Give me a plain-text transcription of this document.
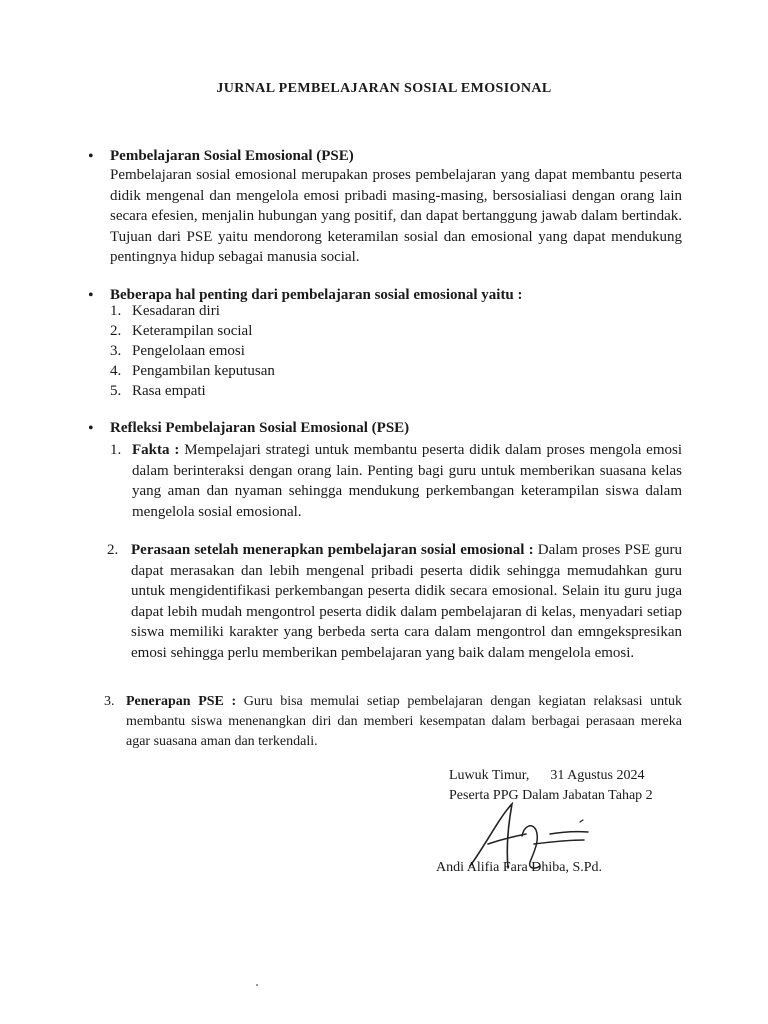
JURNAL PEMBELAJARAN SOSIAL EMOSIONAL
• Pembelajaran Sosial Emosional (PSE)

Pembelajaran sosial emosional merupakan proses pembelajaran yang dapat membantu peserta didik mengenal dan mengelola emosi pribadi masing-masing, bersosialiasi dengan orang lain secara efesien, menjalin hubungan yang positif, dan dapat bertanggung jawab dalam bertindak. Tujuan dari PSE yaitu mendorong keteramilan sosial dan emosional yang dapat mendukung pentingnya hidup sebagai manusia social.

• Beberapa hal penting dari pembelajaran sosial emosional yaitu :
1. Kesadaran diri
2. Keterampilan social
3. Pengelolaan emosi
4. Pengambilan keputusan
5. Rasa empati
• Refleksi Pembelajaran Sosial Emosional (PSE)
1. Fakta : Mempelajari strategi untuk membantu peserta didik dalam proses mengola emosi dalam berinteraksi dengan orang lain. Penting bagi guru untuk memberikan suasana kelas yang aman dan nyaman sehingga mendukung perkembangan keterampilan siswa dalam mengelola sosial emosional.

2. Perasaan setelah menerapkan pembelajaran sosial emosional : Dalam proses PSE guru dapat merasakan dan lebih mengenal pribadi peserta didik sehingga memudahkan guru untuk mengidentifikasi perkembangan peserta didik secara emosional. Selain itu guru juga dapat lebih mudah mengontrol peserta didik dalam pembelajaran di kelas, menyadari setiap siswa memiliki karakter yang berbeda serta cara dalam mengontrol dan emngekspresikan emosi sehingga perlu memberikan pembelajaran yang baik dalam mengelola emosi.

3. Penerapan PSE : Guru bisa memulai setiap pembelajaran dengan kegiatan relaksasi untuk membantu siswa menenangkan diri dan memberi kesempatan dalam berbagai perasaan mereka agar suasana aman dan terkendali.

Luwuk Timur, 31 Agustus 2024
Peserta PPG Dalam Jabatan Tahap 2
Andi Alifia Fara Dhiba, S.Pd.
